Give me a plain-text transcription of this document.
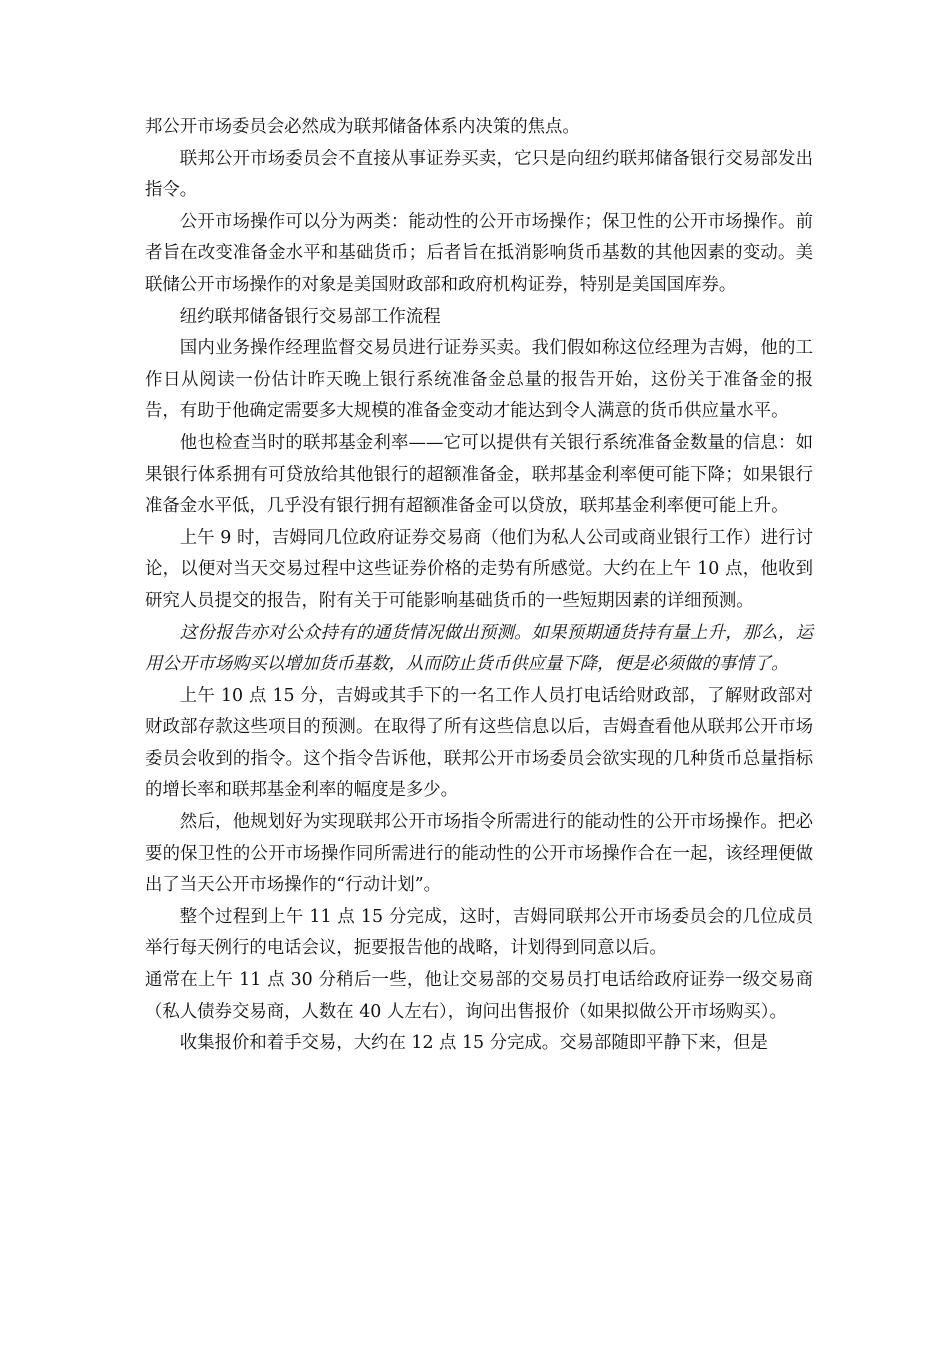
邦公开市场委员会必然成为联邦储备体系内决策的焦点。

联邦公开市场委员会不直接从事证券买卖，它只是向纽约联邦储备银行交易部发出指令。

公开市场操作可以分为两类：能动性的公开市场操作；保卫性的公开市场操作。前者旨在改变准备金水平和基础货币；后者旨在抵消影响货币基数的其他因素的变动。美联储公开市场操作的对象是美国财政部和政府机构证券，特别是美国国库券。

纽约联邦储备银行交易部工作流程

国内业务操作经理监督交易员进行证券买卖。我们假如称这位经理为吉姆，他的工作日从阅读一份估计昨天晚上银行系统准备金总量的报告开始，这份关于准备金的报告，有助于他确定需要多大规模的准备金变动才能达到令人满意的货币供应量水平。

他也检查当时的联邦基金利率——它可以提供有关银行系统准备金数量的信息：如果银行体系拥有可贷放给其他银行的超额准备金，联邦基金利率便可能下降；如果银行准备金水平低，几乎没有银行拥有超额准备金可以贷放，联邦基金利率便可能上升。

上午 9 时，吉姆同几位政府证券交易商（他们为私人公司或商业银行工作）进行讨论，以便对当天交易过程中这些证券价格的走势有所感觉。大约在上午 10 点，他收到研究人员提交的报告，附有关于可能影响基础货币的一些短期因素的详细预测。

这份报告亦对公众持有的通货情况做出预测。如果预期通货持有量上升，那么，运用公开市场购买以增加货币基数，从而防止货币供应量下降，便是必须做的事情了。

上午 10 点 15 分，吉姆或其手下的一名工作人员打电话给财政部，了解财政部对财政部存款这些项目的预测。在取得了所有这些信息以后，吉姆查看他从联邦公开市场委员会收到的指令。这个指令告诉他，联邦公开市场委员会欲实现的几种货币总量指标的增长率和联邦基金利率的幅度是多少。

然后，他规划好为实现联邦公开市场指令所需进行的能动性的公开市场操作。把必要的保卫性的公开市场操作同所需进行的能动性的公开市场操作合在一起，该经理便做出了当天公开市场操作的“行动计划”。

整个过程到上午 11 点 15 分完成，这时，吉姆同联邦公开市场委员会的几位成员举行每天例行的电话会议，扼要报告他的战略，计划得到同意以后。

通常在上午 11 点 30 分稍后一些，他让交易部的交易员打电话给政府证券一级交易商（私人债券交易商，人数在 40 人左右），询问出售报价（如果拟做公开市场购买）。

收集报价和着手交易，大约在 12 点 15 分完成。交易部随即平静下来，但是
